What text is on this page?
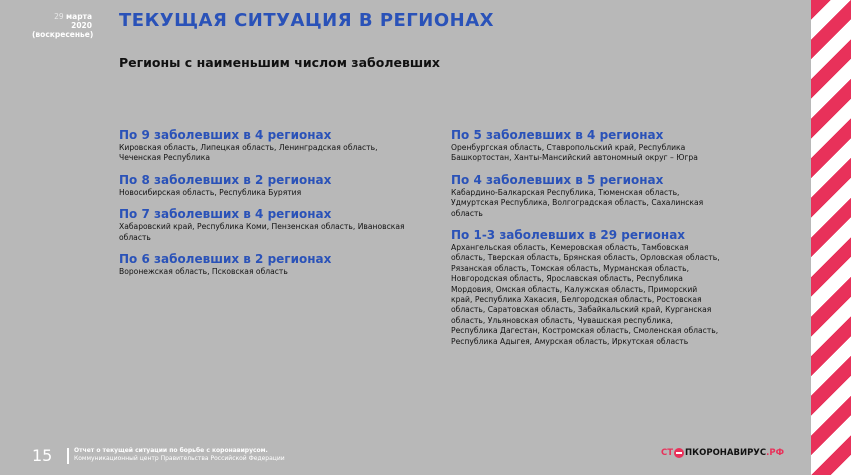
29 марта 2020
(воскресенье)
ТЕКУЩАЯ СИТУАЦИЯ В РЕГИОНАХ
Регионы с наименьшим числом заболевших
По 9 заболевших в 4 регионах

Кировская область, Липецкая область, Ленинградская область, Чеченская Республика

По 8 заболевших в 2 регионах

Новосибирская область, Республика Бурятия

По 7 заболевших в 4 регионах

Хабаровский край, Республика Коми, Пензенская область, Ивановская область

По 6 заболевших в 2 регионах

Воронежская область, Псковская область

По 5 заболевших в 4 регионах

Оренбургская область, Ставропольский край, Республика Башкортостан, Ханты-Мансийский автономный округ – Югра

По 4 заболевших в 5 регионах

Кабардино-Балкарская Республика, Тюменская область, Удмуртская Республика, Волгоградская область, Сахалинская область

По 1-3 заболевших в 29 регионах

Архангельская область, Кемеровская область, Тамбовская область, Тверская область, Брянская область, Орловская область, Рязанская область, Томская область, Мурманская область, Новгородская область, Ярославская область, Республика Мордовия, Омская область, Калужская область, Приморский край, Республика Хакасия, Белгородская область, Ростовская область, Саратовская область, Забайкальский край, Курганская область, Ульяновская область, Чувашская республика, Республика Дагестан, Костромская область, Смоленская область, Республика Адыгея, Амурская область, Иркутская область

15	Отчет о текущей ситуации по борьбе с коронавирусом.
Коммуникационный центр Правительства Российской Федерации
СТ ПКОРОНАВИРУС .РФ
